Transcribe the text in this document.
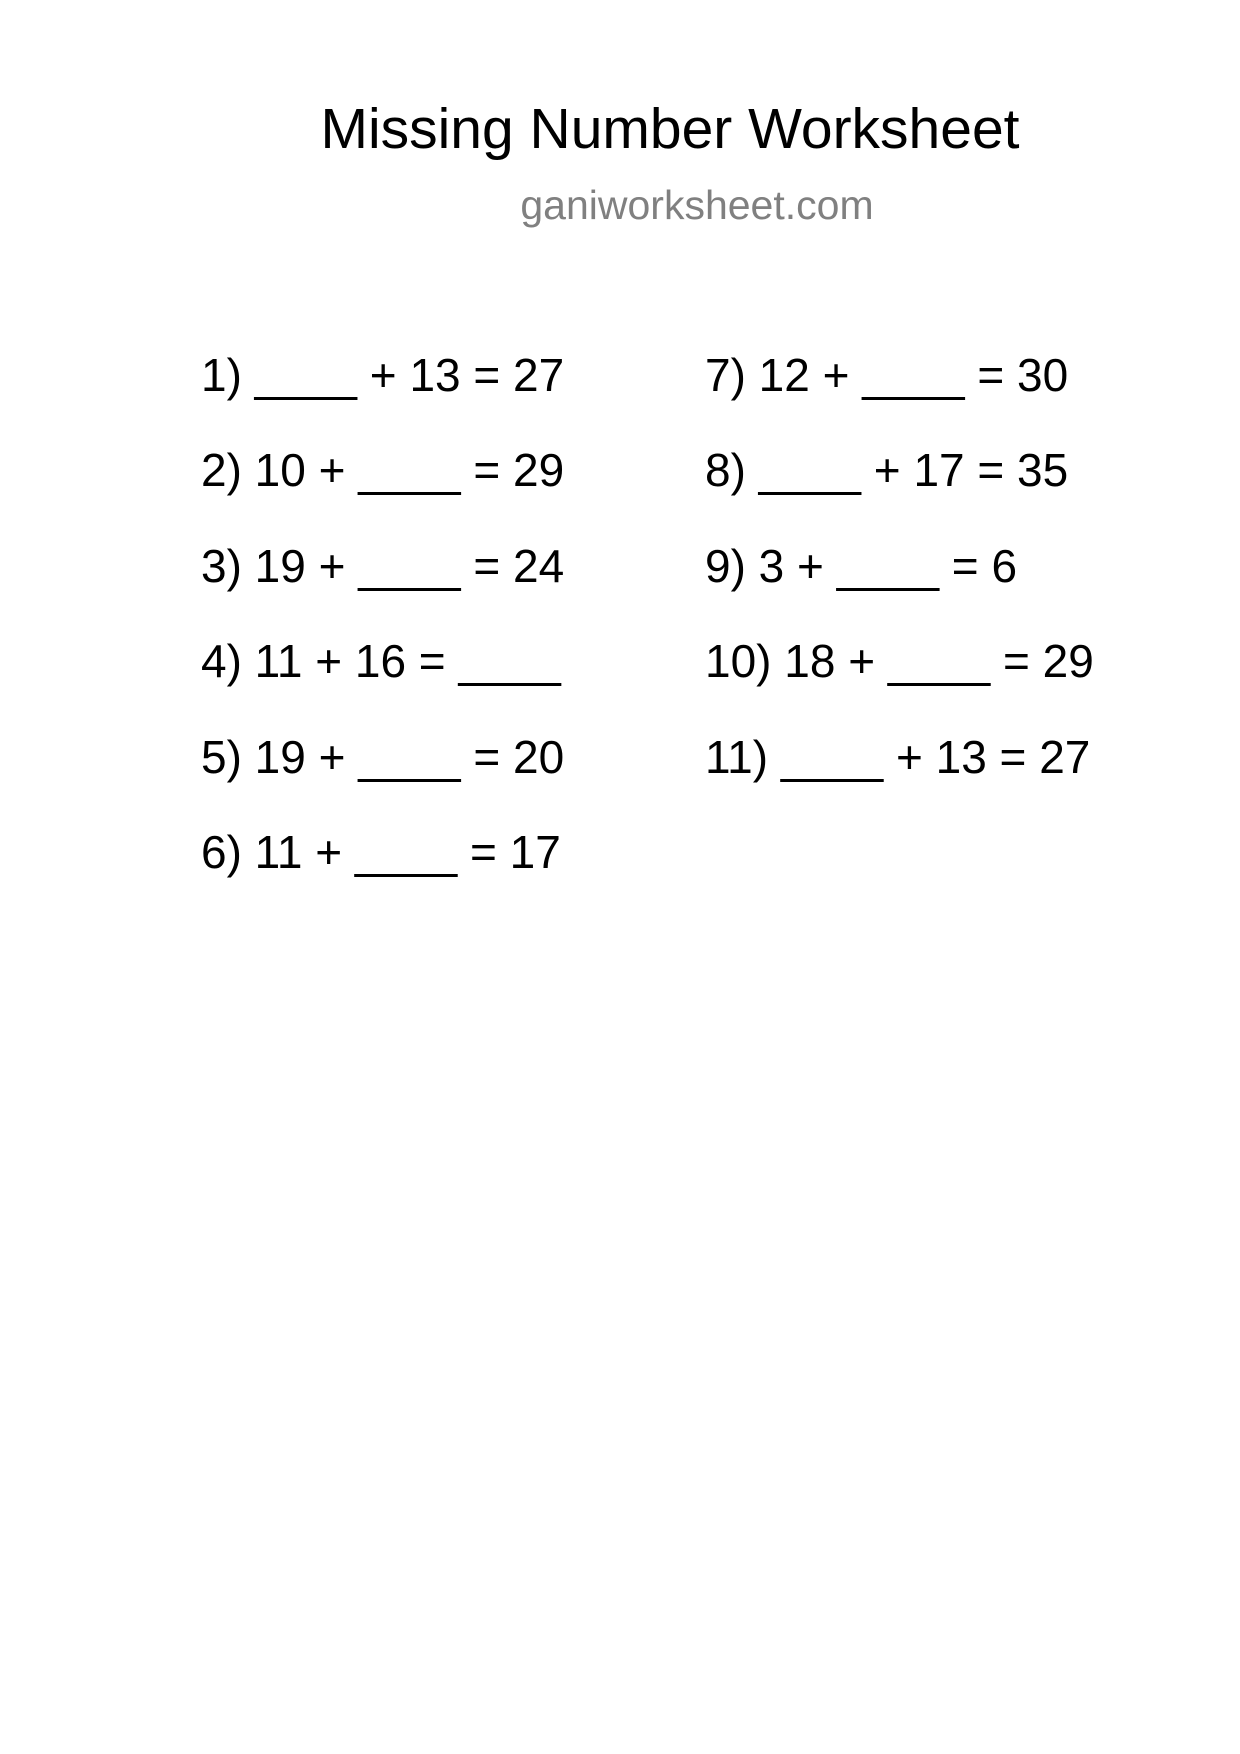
Missing Number Worksheet
ganiworksheet.com
1) ____ + 13 = 27
2) 10 + ____ = 29
3) 19 + ____ = 24
4) 11 + 16 = ____
5) 19 + ____ = 20
6) 11 + ____ = 17
7) 12 + ____ = 30
8) ____ + 17 = 35
9) 3 + ____ = 6
10) 18 + ____ = 29
11) ____ + 13 = 27
